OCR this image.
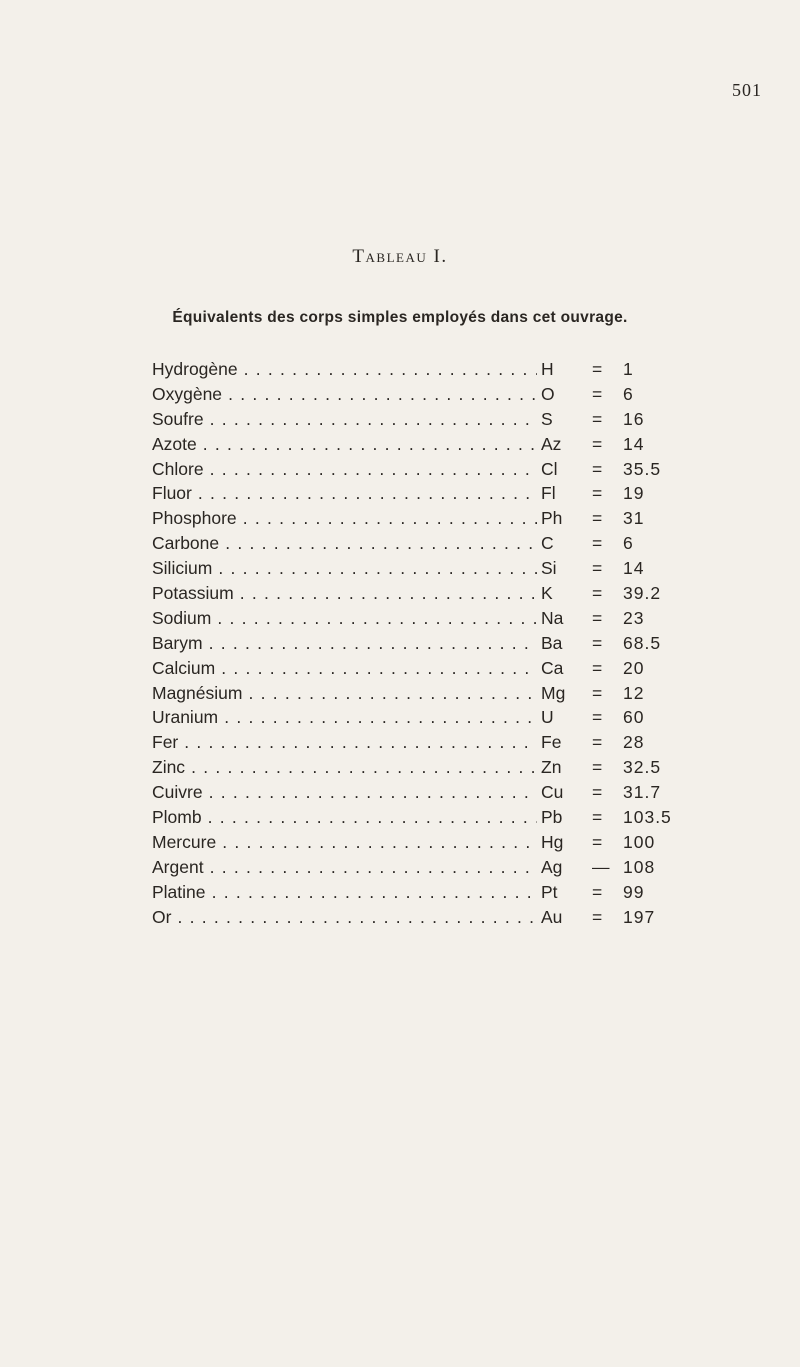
501
Tableau I.
Équivalents des corps simples employés dans cet ouvrage.
Hydrogène . . .	H = 1
Oxygène . . .	O = 6
Soufre . . .	S = 16
Azote . . .	Az = 14
Chlore . . .	Cl = 35.5
Fluor . . .	Fl = 19
Phosphore . . .	Ph = 31
Carbone . . .	C = 6
Silicium . . .	Si = 14
Potassium . . .	K = 39.2
Sodium . . .	Na = 23
Barym . . .	Ba = 68.5
Calcium . . .	Ca = 20
Magnésium . . .	Mg = 12
Uranium . . .	U = 60
Fer . . .	Fe = 28
Zinc . . .	Zn = 32.5
Cuivre . . .	Cu = 31.7
Plomb . . .	Pb = 103.5
Mercure . . .	Hg = 100
Argent . . .	Ag — 108
Platine . . .	Pt = 99
Or . . .	Au = 197
